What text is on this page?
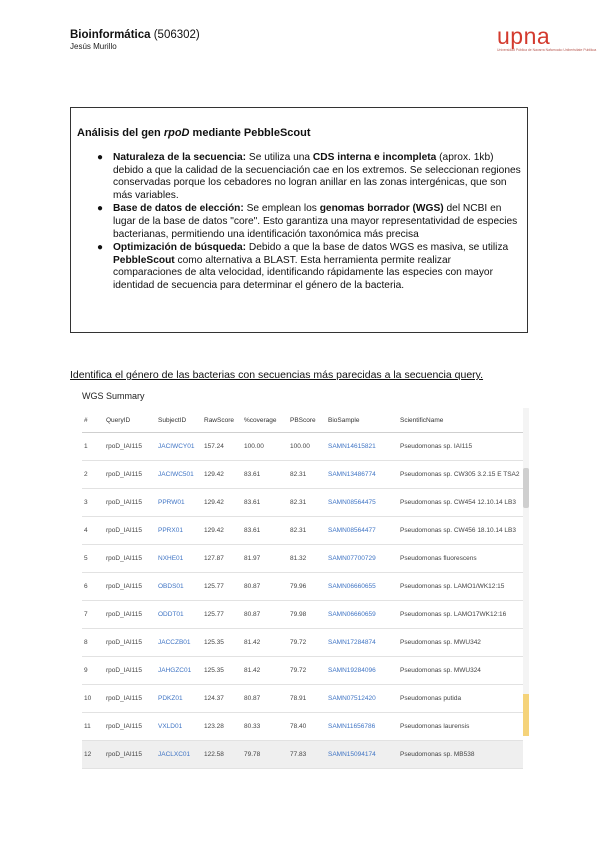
Bioinformática (506302)
Jesús Murillo	upna
Universidad Pública de Navarra Nafarroako Unibertsitate Publikoa
Análisis del gen rpoD mediante PebbleScout
● Naturaleza de la secuencia: Se utiliza una CDS interna e incompleta (aprox. 1kb) debido a que la calidad de la secuenciación cae en los extremos. Se seleccionan regiones conservadas porque los cebadores no logran anillar en las zonas intergénicas, que son más variables.
● Base de datos de elección: Se emplean los genomas borrador (WGS) del NCBI en lugar de la base de datos "core". Esto garantiza una mayor representatividad de especies bacterianas, permitiendo una identificación taxonómica más precisa
● Optimización de búsqueda: Debido a que la base de datos WGS es masiva, se utiliza PebbleScout como alternativa a BLAST. Esta herramienta permite realizar comparaciones de alta velocidad, identificando rápidamente las especies con mayor identidad de secuencia para determinar el género de la bacteria.
Identifica el género de las bacterias con secuencias más parecidas a la secuencia query.
WGS Summary
#	QueryID	SubjectID	RawScore	%coverage	PBScore	BioSample	ScientificName
1	rpoD_IAI115	JACIWCY01	157.24	100.00	100.00	SAMN14615821	Pseudomonas sp. IAI115
2	rpoD_IAI115	JACIWC501	129.42	83.61	82.31	SAMN13486774	Pseudomonas sp. CW305 3.2.15 E TSA2
3	rpoD_IAI115	PPRW01	129.42	83.61	82.31	SAMN08564475	Pseudomonas sp. CW454 12.10.14 LB3
4	rpoD_IAI115	PPRX01	129.42	83.61	82.31	SAMN08564477	Pseudomonas sp. CW456 18.10.14 LB3
5	rpoD_IAI115	NXHE01	127.87	81.97	81.32	SAMN07700729	Pseudomonas fluorescens
6	rpoD_IAI115	OBDS01	125.77	80.87	79.96	SAMN06660655	Pseudomonas sp. LAMO1/WK12:15
7	rpoD_IAI115	ODDT01	125.77	80.87	79.98	SAMN06660659	Pseudomonas sp. LAMO17WK12:16
8	rpoD_IAI115	JACCZB01	125.35	81.42	79.72	SAMN17284874	Pseudomonas sp. MWU342
9	rpoD_IAI115	JAHGZC01	125.35	81.42	79.72	SAMN19284096	Pseudomonas sp. MWU324
10	rpoD_IAI115	PDKZ01	124.37	80.87	78.91	SAMN07512420	Pseudomonas putida
11	rpoD_IAI115	VXLD01	123.28	80.33	78.40	SAMN11656786	Pseudomonas laurensis
12	rpoD_IAI115	JACLXC01	122.58	79.78	77.83	SAMN15094174	Pseudomonas sp. MB538
